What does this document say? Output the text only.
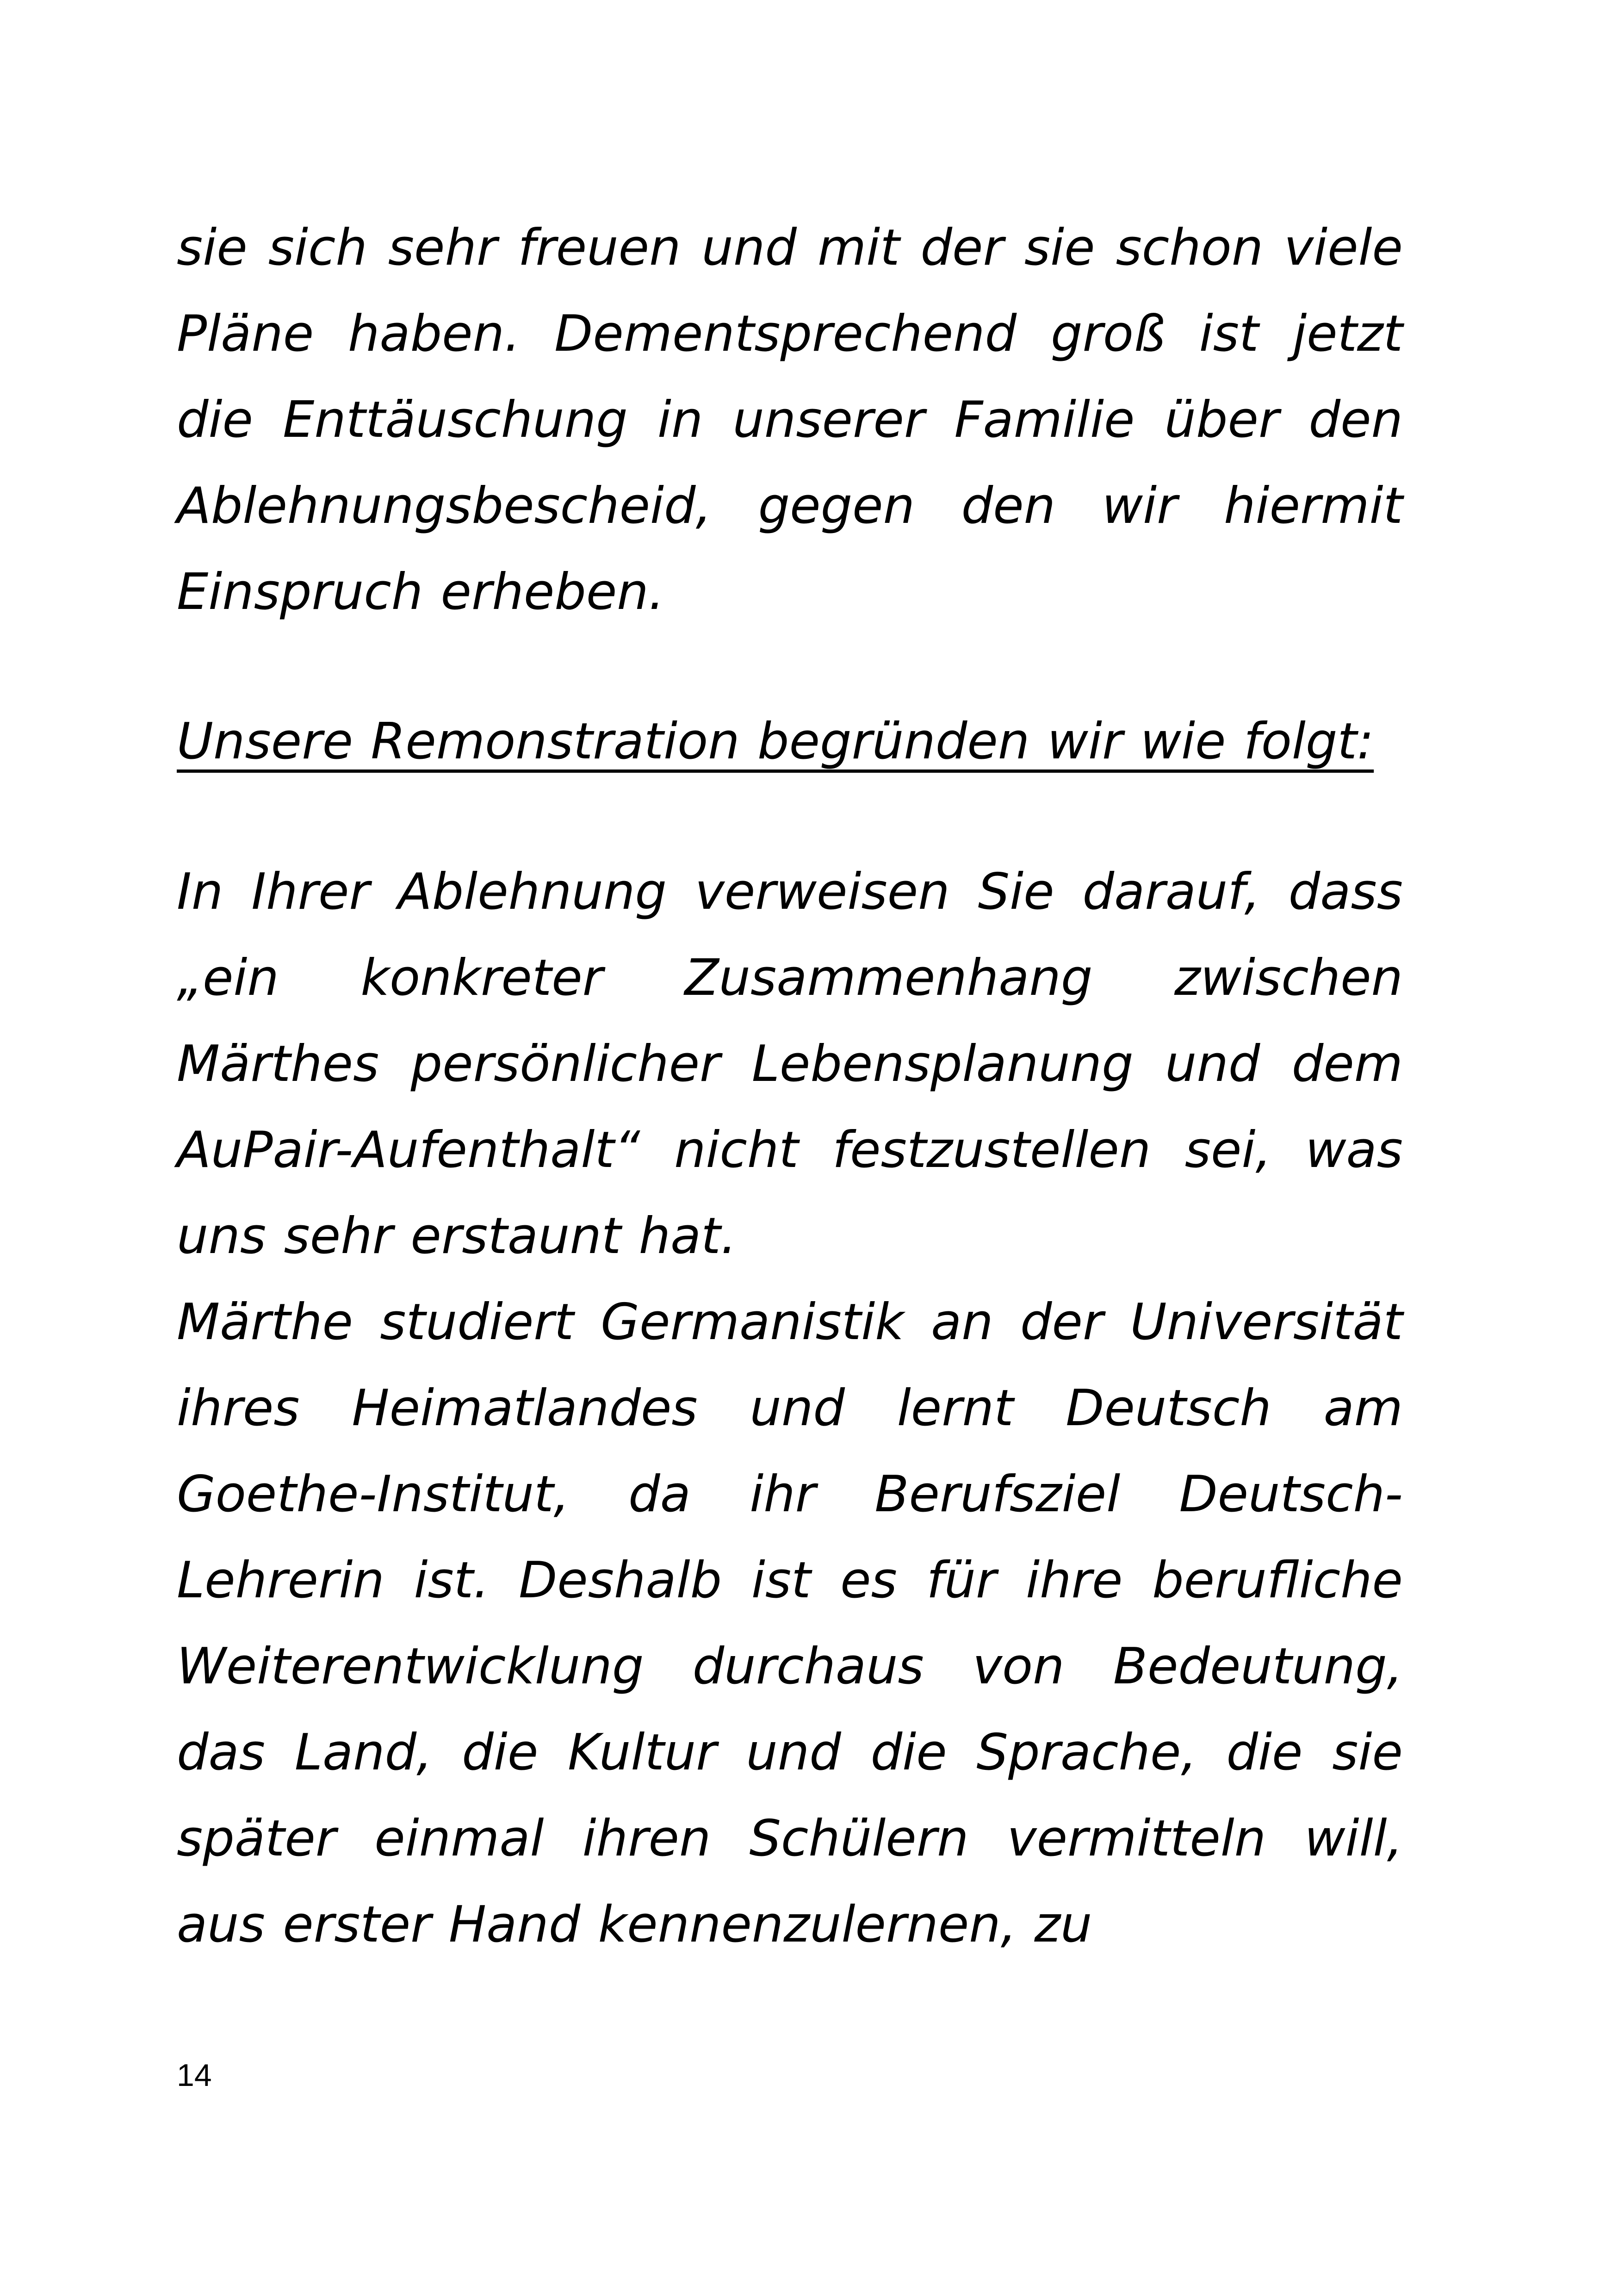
sie sich sehr freuen und mit der sie schon viele Pläne haben. Dementsprechend groß ist jetzt die Enttäuschung in unserer Familie über den Ablehnungsbescheid, gegen den wir hiermit Einspruch erheben.

Unsere Remonstration begründen wir wie folgt:

In Ihrer Ablehnung verweisen Sie darauf, dass „ein konkreter Zusammenhang zwischen Märthes persönlicher Lebensplanung und dem AuPair-Aufenthalt“ nicht festzustellen sei, was uns sehr erstaunt hat.

Märthe studiert Germanistik an der Universität ihres Heimatlandes und lernt Deutsch am Goethe-Institut, da ihr Berufsziel Deutsch-Lehrerin ist. Deshalb ist es für ihre berufliche Weiterentwicklung durchaus von Bedeutung, das Land, die Kultur und die Sprache, die sie später einmal ihren Schülern vermitteln will, aus erster Hand kennenzulernen, zu

14
